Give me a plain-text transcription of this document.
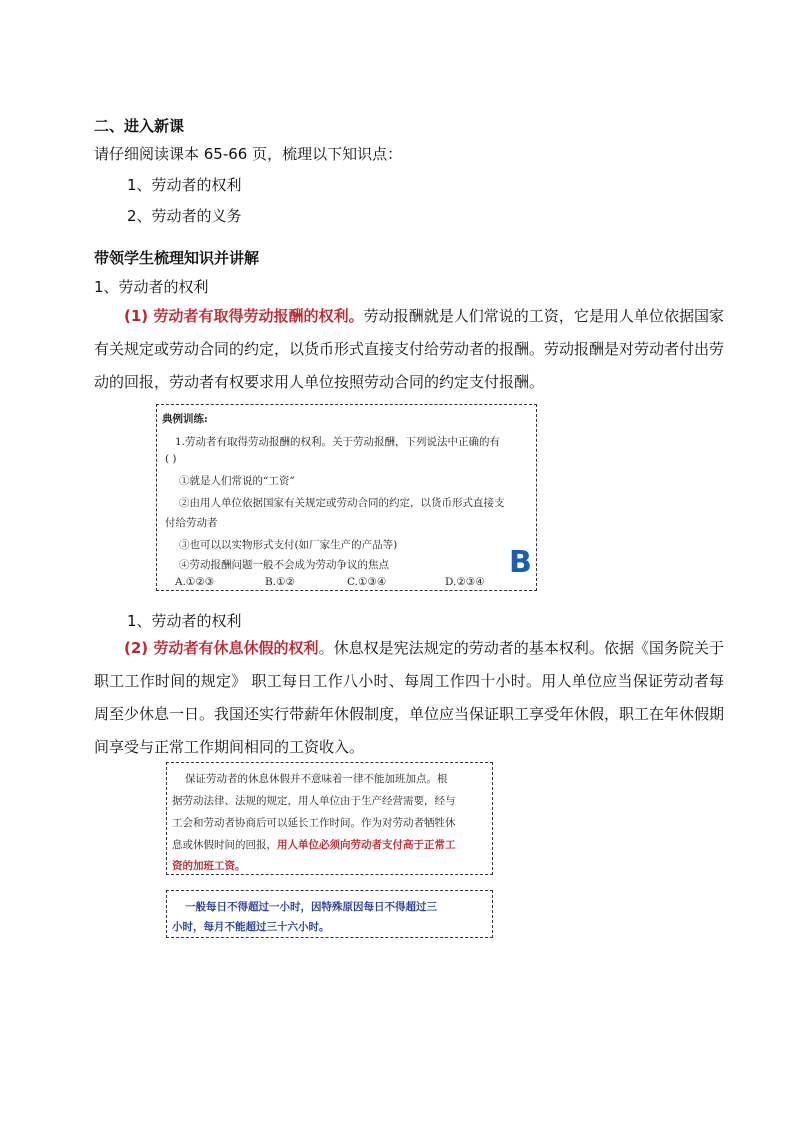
二、进入新课
请仔细阅读课本 65-66 页，梳理以下知识点：
1、劳动者的权利
2、劳动者的义务
带领学生梳理知识并讲解
1、劳动者的权利
(1) 劳动者有取得劳动报酬的权利。劳动报酬就是人们常说的工资，它是用人单位依据国家有关规定或劳动合同的约定，以货币形式直接支付给劳动者的报酬。劳动报酬是对劳动者付出劳动的回报，劳动者有权要求用人单位按照劳动合同的约定支付报酬。
典例训练:
1.劳动者有取得劳动报酬的权利。关于劳动报酬，下列说法中正确的有
( )
①就是人们常说的“工资”
②由用人单位依据国家有关规定或劳动合同的约定，以货币形式直接支
付给劳动者
③也可以以实物形式支付(如厂家生产的产品等)
④劳动报酬问题一般不会成为劳动争议的焦点
A.①②③	B.①②	C.①③④	D.②③④
B
1、劳动者的权利
(2) 劳动者有休息休假的权利。休息权是宪法规定的劳动者的基本权利。依据《国务院关于职工工作时间的规定》 职工每日工作八小时、每周工作四十小时。用人单位应当保证劳动者每周至少休息一日。我国还实行带薪年休假制度，单位应当保证职工享受年休假，职工在年休假期间享受与正常工作期间相同的工资收入。
保证劳动者的休息休假并不意味着一律不能加班加点。根
据劳动法律、法规的规定，用人单位由于生产经营需要，经与
工会和劳动者协商后可以延长工作时间。作为对劳动者牺牲休
息或休假时间的回报，用人单位必须向劳动者支付高于正常工
资的加班工资。
一般每日不得超过一小时，因特殊原因每日不得超过三
小时，每月不能超过三十六小时。
